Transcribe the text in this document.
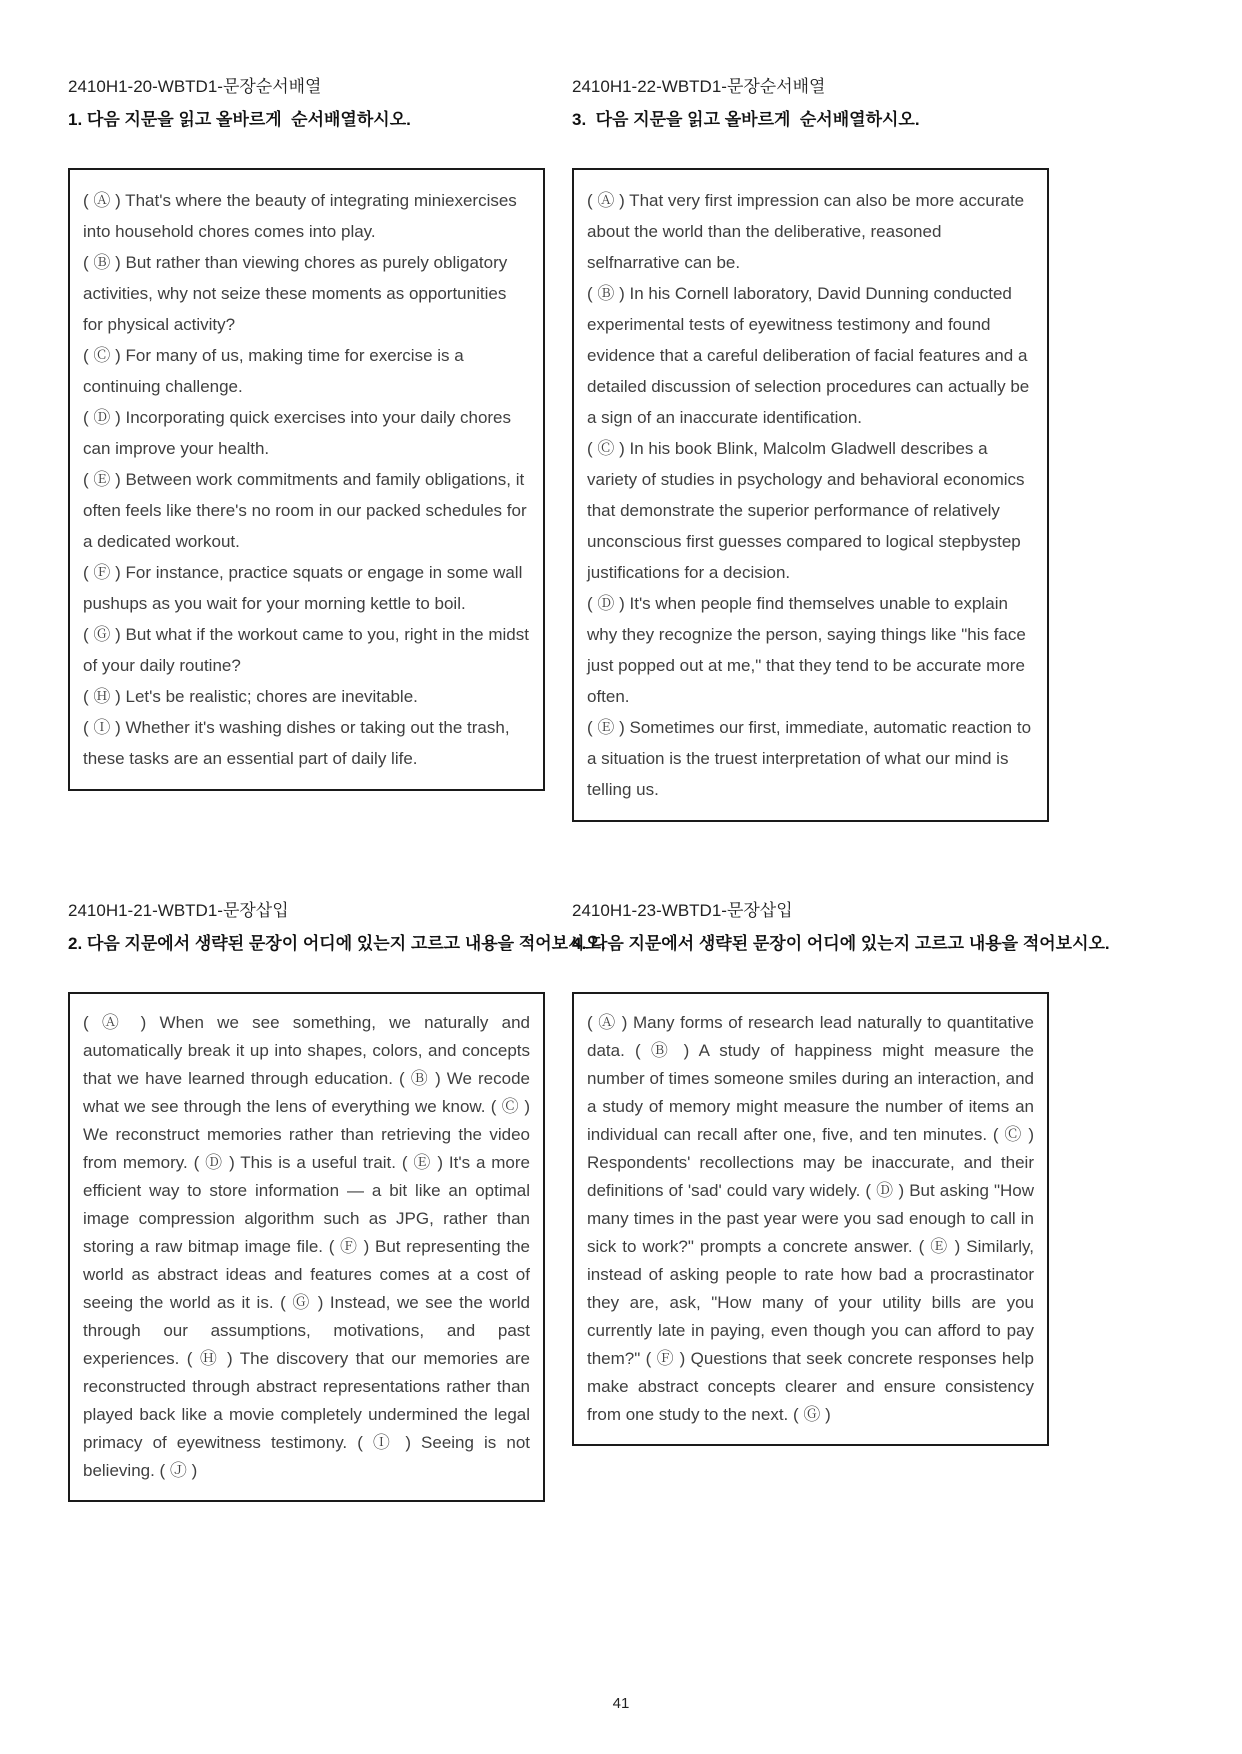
2410H1-20-WBTD1-문장순서배열
1. 다음 지문을 읽고 올바르게  순서배열하시오.

( Ⓐ ) That's where the beauty of integrating miniexercises into household chores comes into play.

( Ⓑ ) But rather than viewing chores as purely obligatory activities, why not seize these moments as opportunities for physical activity?

( Ⓒ ) For many of us, making time for exercise is a continuing challenge.

( Ⓓ ) Incorporating quick exercises into your daily chores can improve your health.

( Ⓔ ) Between work commitments and family obligations, it often feels like there's no room in our packed schedules for a dedicated workout.

( Ⓕ ) For instance, practice squats or engage in some wall pushups as you wait for your morning kettle to boil.

( Ⓖ ) But what if the workout came to you, right in the midst of your daily routine?

( Ⓗ ) Let's be realistic; chores are inevitable.

( Ⓘ ) Whether it's washing dishes or taking out the trash, these tasks are an essential part of daily life.

2410H1-22-WBTD1-문장순서배열
3.  다음 지문을 읽고 올바르게  순서배열하시오.

( Ⓐ ) That very first impression can also be more accurate about the world than the deliberative, reasoned selfnarrative can be.

( Ⓑ ) In his Cornell laboratory, David Dunning conducted experimental tests of eyewitness testimony and found evidence that a careful deliberation of facial features and a detailed discussion of selection procedures can actually be a sign of an inaccurate identification.

( Ⓒ ) In his book Blink, Malcolm Gladwell describes a variety of studies in psychology and behavioral economics that demonstrate the superior performance of relatively unconscious first guesses compared to logical stepbystep justifications for a decision.

( Ⓓ ) It's when people find themselves unable to explain why they recognize the person, saying things like "his face just popped out at me," that they tend to be accurate more often.

( Ⓔ ) Sometimes our first, immediate, automatic reaction to a situation is the truest interpretation of what our mind is telling us.

2410H1-21-WBTD1-문장삽입
2. 다음 지문에서 생략된 문장이 어디에 있는지 고르고 내용을 적어보시오.

( Ⓐ ) When we see something, we naturally and automatically break it up into shapes, colors, and concepts that we have learned through education. ( Ⓑ ) We recode what we see through the lens of everything we know. ( Ⓒ ) We reconstruct memories rather than retrieving the video from memory. ( Ⓓ ) This is a useful trait. ( Ⓔ ) It's a more efficient way to store information — a bit like an optimal image compression algorithm such as JPG, rather than storing a raw bitmap image file. ( Ⓕ ) But representing the world as abstract ideas and features comes at a cost of seeing the world as it is. ( Ⓖ ) Instead, we see the world through our assumptions, motivations, and past experiences. ( Ⓗ ) The discovery that our memories are reconstructed through abstract representations rather than played back like a movie completely undermined the legal primacy of eyewitness testimony. ( Ⓘ ) Seeing is not believing. ( Ⓙ )

2410H1-23-WBTD1-문장삽입
4. 다음 지문에서 생략된 문장이 어디에 있는지 고르고 내용을 적어보시오.

( Ⓐ ) Many forms of research lead naturally to quantitative data. ( Ⓑ ) A study of happiness might measure the number of times someone smiles during an interaction, and a study of memory might measure the number of items an individual can recall after one, five, and ten minutes. ( Ⓒ ) Respondents' recollections may be inaccurate, and their definitions of 'sad' could vary widely. ( Ⓓ ) But asking "How many times in the past year were you sad enough to call in sick to work?" prompts a concrete answer. ( Ⓔ ) Similarly, instead of asking people to rate how bad a procrastinator they are, ask, "How many of your utility bills are you currently late in paying, even though you can afford to pay them?" ( Ⓕ ) Questions that seek concrete responses help make abstract concepts clearer and ensure consistency from one study to the next. ( Ⓖ )

41
